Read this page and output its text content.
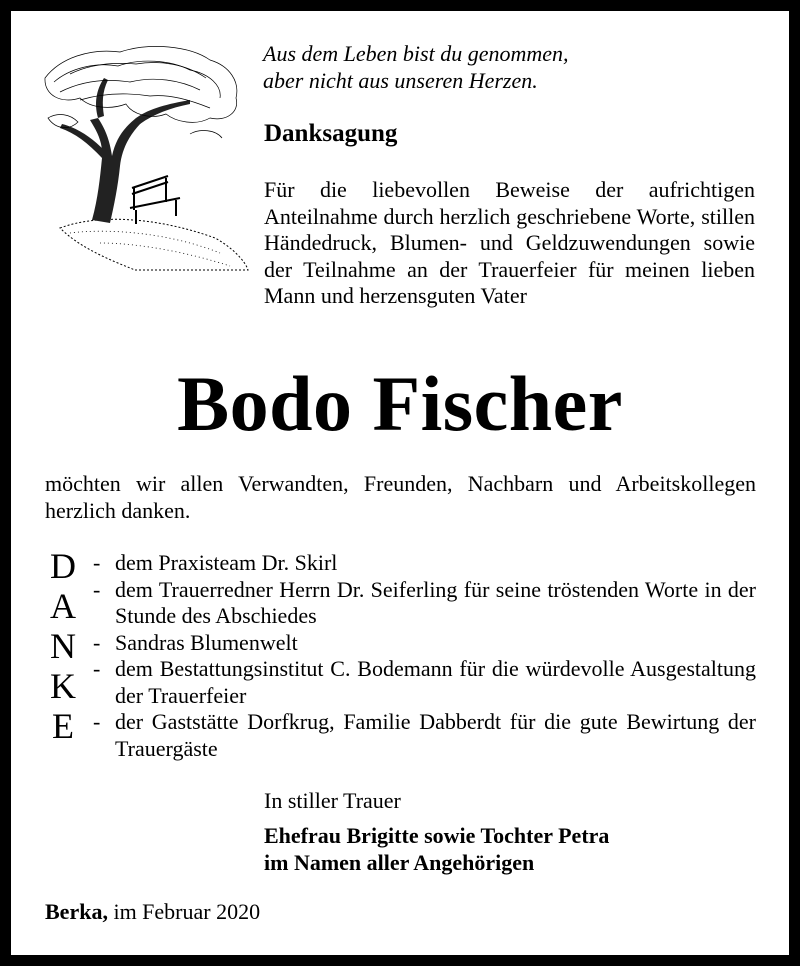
Aus dem Leben bist du genommen,
aber nicht aus unseren Herzen.
Danksagung
Für die liebevollen Beweise der aufrichtigen Anteilnahme durch herzlich geschriebene Worte, stillen Händedruck, Blumen- und Geldzuwendungen sowie der Teilnahme an der Trauerfeier für meinen lieben Mann und herzensguten Vater
Bodo Fischer
möchten wir allen Verwandten, Freunden, Nachbarn und Arbeitskollegen herzlich danken.
D
A
N
K
E
- dem Praxisteam Dr. Skirl
- dem Trauerredner Herrn Dr. Seiferling für seine tröstenden Worte in der Stunde des Abschiedes
- Sandras Blumenwelt
- dem Bestattungsinstitut C. Bodemann für die würdevolle Ausgestaltung der Trauerfeier
- der Gaststätte Dorfkrug, Familie Dabberdt für die gute Bewirtung der Trauergäste
In stiller Trauer
Ehefrau Brigitte sowie Tochter Petra
im Namen aller Angehörigen
Berka, im Februar 2020
